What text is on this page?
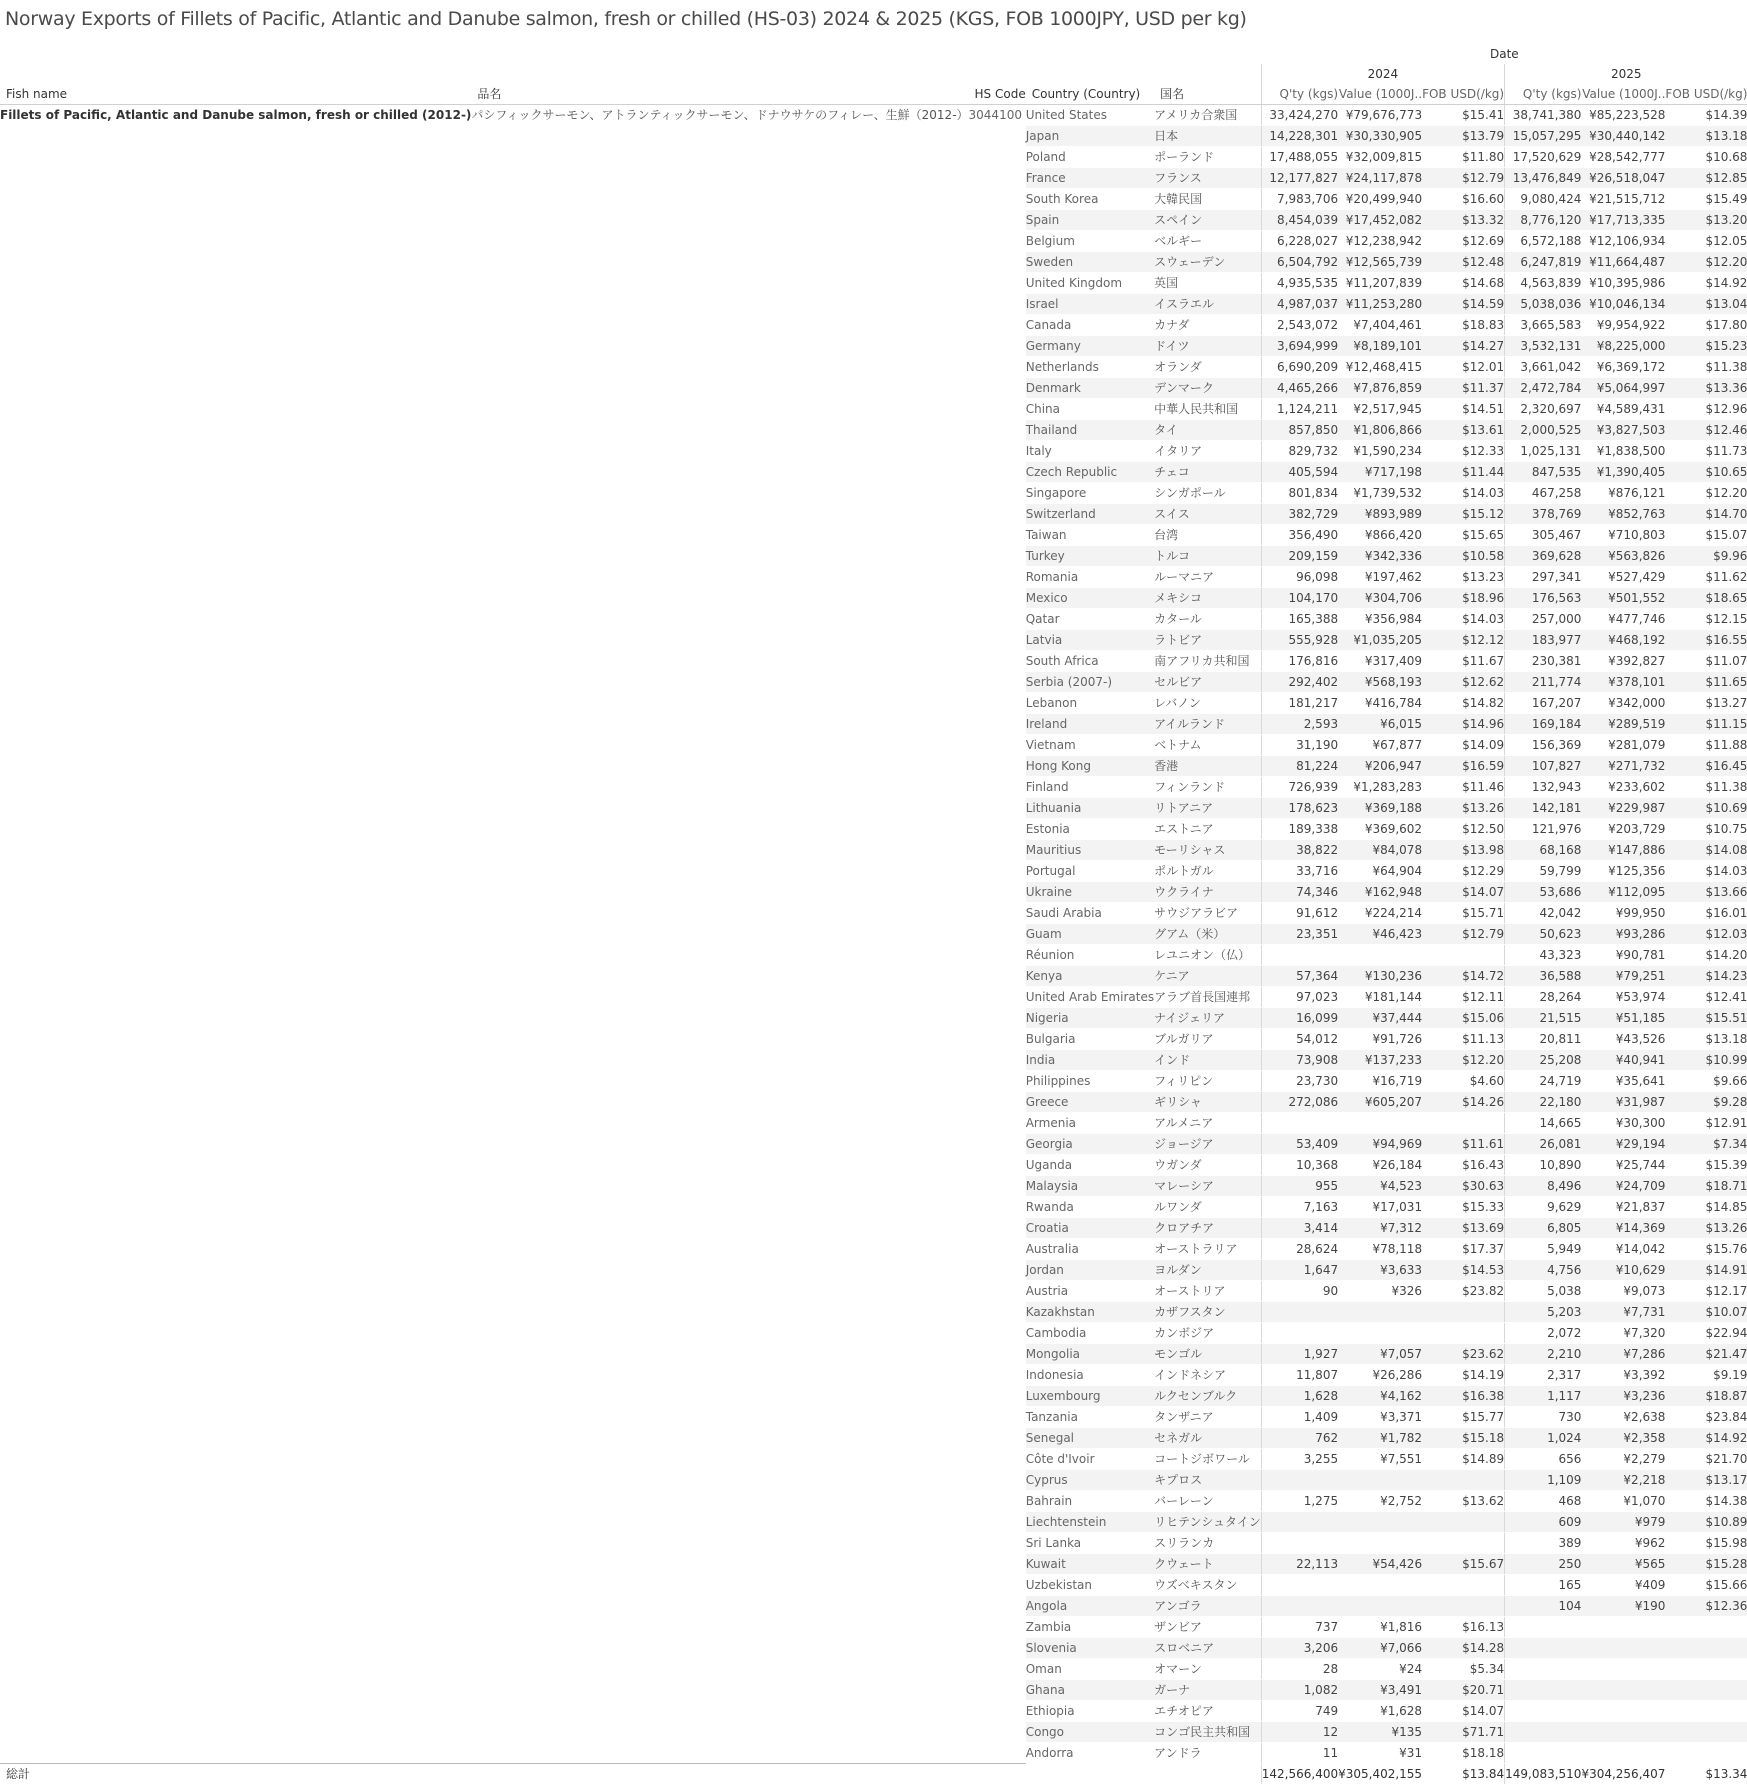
Norway Exports of Fillets of Pacific, Atlantic and Danube salmon, fresh or chilled (HS-03) 2024 & 2025 (KGS, FOB 1000JPY, USD per kg)
					Date					
					2024			2025		
Fish name	品名	HS Code	Country (Country)	国名	Q'ty (kgs)	Value (1000J..	FOB USD(/kg)	Q'ty (kgs)	Value (1000J..	FOB USD(/kg)
Fillets of Pacific, Atlantic and Danube salmon, fresh or chilled (2012-)	パシフィックサーモン、アトランティックサーモン、ドナウサケのフィレー、生鮮（2012-）	3044100	United States	アメリカ合衆国	33,424,270	¥79,676,773	$15.41	38,741,380	¥85,223,528	$14.39
			Japan	日本	14,228,301	¥30,330,905	$13.79	15,057,295	¥30,440,142	$13.18
			Poland	ポーランド	17,488,055	¥32,009,815	$11.80	17,520,629	¥28,542,777	$10.68
			France	フランス	12,177,827	¥24,117,878	$12.79	13,476,849	¥26,518,047	$12.85
			South Korea	大韓民国	7,983,706	¥20,499,940	$16.60	9,080,424	¥21,515,712	$15.49
			Spain	スペイン	8,454,039	¥17,452,082	$13.32	8,776,120	¥17,713,335	$13.20
			Belgium	ベルギー	6,228,027	¥12,238,942	$12.69	6,572,188	¥12,106,934	$12.05
			Sweden	スウェーデン	6,504,792	¥12,565,739	$12.48	6,247,819	¥11,664,487	$12.20
			United Kingdom	英国	4,935,535	¥11,207,839	$14.68	4,563,839	¥10,395,986	$14.92
			Israel	イスラエル	4,987,037	¥11,253,280	$14.59	5,038,036	¥10,046,134	$13.04
			Canada	カナダ	2,543,072	¥7,404,461	$18.83	3,665,583	¥9,954,922	$17.80
			Germany	ドイツ	3,694,999	¥8,189,101	$14.27	3,532,131	¥8,225,000	$15.23
			Netherlands	オランダ	6,690,209	¥12,468,415	$12.01	3,661,042	¥6,369,172	$11.38
			Denmark	デンマーク	4,465,266	¥7,876,859	$11.37	2,472,784	¥5,064,997	$13.36
			China	中華人民共和国	1,124,211	¥2,517,945	$14.51	2,320,697	¥4,589,431	$12.96
			Thailand	タイ	857,850	¥1,806,866	$13.61	2,000,525	¥3,827,503	$12.46
			Italy	イタリア	829,732	¥1,590,234	$12.33	1,025,131	¥1,838,500	$11.73
			Czech Republic	チェコ	405,594	¥717,198	$11.44	847,535	¥1,390,405	$10.65
			Singapore	シンガポール	801,834	¥1,739,532	$14.03	467,258	¥876,121	$12.20
			Switzerland	スイス	382,729	¥893,989	$15.12	378,769	¥852,763	$14.70
			Taiwan	台湾	356,490	¥866,420	$15.65	305,467	¥710,803	$15.07
			Turkey	トルコ	209,159	¥342,336	$10.58	369,628	¥563,826	$9.96
			Romania	ルーマニア	96,098	¥197,462	$13.23	297,341	¥527,429	$11.62
			Mexico	メキシコ	104,170	¥304,706	$18.96	176,563	¥501,552	$18.65
			Qatar	カタール	165,388	¥356,984	$14.03	257,000	¥477,746	$12.15
			Latvia	ラトビア	555,928	¥1,035,205	$12.12	183,977	¥468,192	$16.55
			South Africa	南アフリカ共和国	176,816	¥317,409	$11.67	230,381	¥392,827	$11.07
			Serbia (2007-)	セルビア	292,402	¥568,193	$12.62	211,774	¥378,101	$11.65
			Lebanon	レバノン	181,217	¥416,784	$14.82	167,207	¥342,000	$13.27
			Ireland	アイルランド	2,593	¥6,015	$14.96	169,184	¥289,519	$11.15
			Vietnam	ベトナム	31,190	¥67,877	$14.09	156,369	¥281,079	$11.88
			Hong Kong	香港	81,224	¥206,947	$16.59	107,827	¥271,732	$16.45
			Finland	フィンランド	726,939	¥1,283,283	$11.46	132,943	¥233,602	$11.38
			Lithuania	リトアニア	178,623	¥369,188	$13.26	142,181	¥229,987	$10.69
			Estonia	エストニア	189,338	¥369,602	$12.50	121,976	¥203,729	$10.75
			Mauritius	モーリシャス	38,822	¥84,078	$13.98	68,168	¥147,886	$14.08
			Portugal	ポルトガル	33,716	¥64,904	$12.29	59,799	¥125,356	$14.03
			Ukraine	ウクライナ	74,346	¥162,948	$14.07	53,686	¥112,095	$13.66
			Saudi Arabia	サウジアラビア	91,612	¥224,214	$15.71	42,042	¥99,950	$16.01
			Guam	グアム（米）	23,351	¥46,423	$12.79	50,623	¥93,286	$12.03
			Réunion	レユニオン（仏）				43,323	¥90,781	$14.20
			Kenya	ケニア	57,364	¥130,236	$14.72	36,588	¥79,251	$14.23
			United Arab Emirates	アラブ首長国連邦	97,023	¥181,144	$12.11	28,264	¥53,974	$12.41
			Nigeria	ナイジェリア	16,099	¥37,444	$15.06	21,515	¥51,185	$15.51
			Bulgaria	ブルガリア	54,012	¥91,726	$11.13	20,811	¥43,526	$13.18
			India	インド	73,908	¥137,233	$12.20	25,208	¥40,941	$10.99
			Philippines	フィリピン	23,730	¥16,719	$4.60	24,719	¥35,641	$9.66
			Greece	ギリシャ	272,086	¥605,207	$14.26	22,180	¥31,987	$9.28
			Armenia	アルメニア				14,665	¥30,300	$12.91
			Georgia	ジョージア	53,409	¥94,969	$11.61	26,081	¥29,194	$7.34
			Uganda	ウガンダ	10,368	¥26,184	$16.43	10,890	¥25,744	$15.39
			Malaysia	マレーシア	955	¥4,523	$30.63	8,496	¥24,709	$18.71
			Rwanda	ルワンダ	7,163	¥17,031	$15.33	9,629	¥21,837	$14.85
			Croatia	クロアチア	3,414	¥7,312	$13.69	6,805	¥14,369	$13.26
			Australia	オーストラリア	28,624	¥78,118	$17.37	5,949	¥14,042	$15.76
			Jordan	ヨルダン	1,647	¥3,633	$14.53	4,756	¥10,629	$14.91
			Austria	オーストリア	90	¥326	$23.82	5,038	¥9,073	$12.17
			Kazakhstan	カザフスタン				5,203	¥7,731	$10.07
			Cambodia	カンボジア				2,072	¥7,320	$22.94
			Mongolia	モンゴル	1,927	¥7,057	$23.62	2,210	¥7,286	$21.47
			Indonesia	インドネシア	11,807	¥26,286	$14.19	2,317	¥3,392	$9.19
			Luxembourg	ルクセンブルク	1,628	¥4,162	$16.38	1,117	¥3,236	$18.87
			Tanzania	タンザニア	1,409	¥3,371	$15.77	730	¥2,638	$23.84
			Senegal	セネガル	762	¥1,782	$15.18	1,024	¥2,358	$14.92
			Côte d'Ivoir	コートジボワール	3,255	¥7,551	$14.89	656	¥2,279	$21.70
			Cyprus	キプロス				1,109	¥2,218	$13.17
			Bahrain	バーレーン	1,275	¥2,752	$13.62	468	¥1,070	$14.38
			Liechtenstein	リヒテンシュタイン				609	¥979	$10.89
			Sri Lanka	スリランカ				389	¥962	$15.98
			Kuwait	クウェート	22,113	¥54,426	$15.67	250	¥565	$15.28
			Uzbekistan	ウズベキスタン				165	¥409	$15.66
			Angola	アンゴラ				104	¥190	$12.36
			Zambia	ザンビア	737	¥1,816	$16.13			
			Slovenia	スロベニア	3,206	¥7,066	$14.28			
			Oman	オマーン	28	¥24	$5.34			
			Ghana	ガーナ	1,082	¥3,491	$20.71			
			Ethiopia	エチオピア	749	¥1,628	$14.07			
			Congo	コンゴ民主共和国	12	¥135	$71.71			
			Andorra	アンドラ	11	¥31	$18.18			
総計					142,566,400	¥305,402,155	$13.84	149,083,510	¥304,256,407	$13.34
